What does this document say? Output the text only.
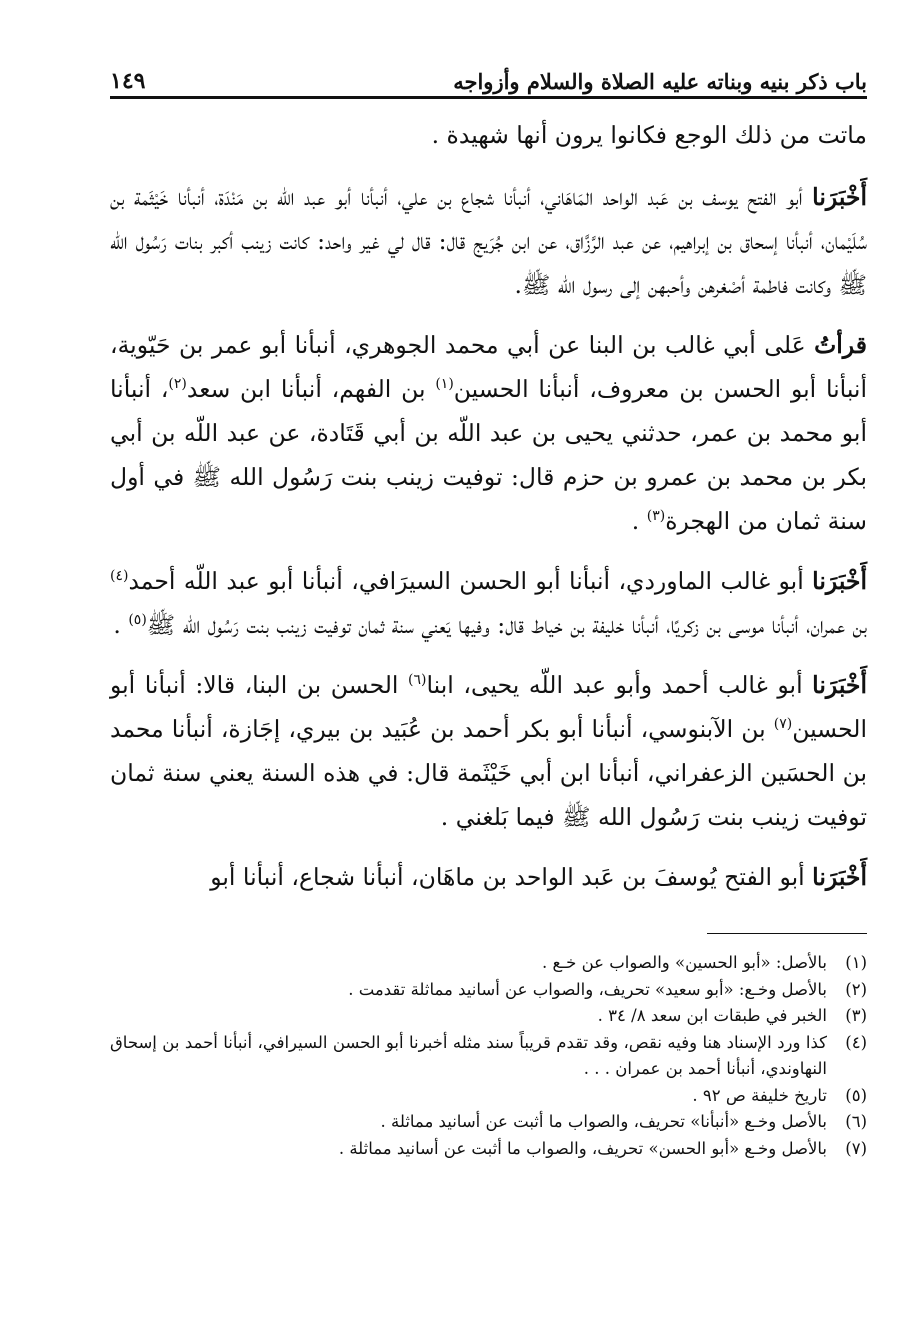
باب ذكر بنيه وبناته عليه الصلاة والسلام وأزواجه
١٤٩

ماتت من ذلك الوجع فكانوا يرون أنها شهيدة .

أَخْبَرَنا أبو الفتح يوسف بن عَبد الواحد المَاهَاني، أنبأنا شجاع بن علي، أنبأنا أبو عبد اللّه بن مَنْدَة، أنبأنا خَيْثَمة بن سُلَيْمان، أنبأنا إسحاق بن إبراهيم، عن عبد الرَّزَّاق، عن ابن جُرَيج قال: قال لي غير واحد: كانت زينب أكبر بنات رَسُول الله ﷺ وكانت فاطمة أصْغرهن وأحبهن إلى رسول الله ﷺ.

قرأتُ عَلى أبي غالب بن البنا عن أبي محمد الجوهري، أنبأنا أبو عمر بن حَيّوية، أنبأنا أبو الحسن بن معروف، أنبأنا الحسين$^{(١)}$ بن الفهم، أنبأنا ابن سعد$^{(٢)}$، أنبأنا أبو محمد بن عمر، حدثني يحيى بن عبد اللّه بن أبي قَتَادة، عن عبد اللّه بن أبي بكر بن محمد بن عمرو بن حزم قال: توفيت زينب بنت رَسُول الله ﷺ في أول سنة ثمان من الهجرة$^{(٣)}$ .

أَخْبَرَنا أبو غالب الماوردي، أنبأنا أبو الحسن السيرَافي، أنبأنا أبو عبد اللّه أحمد$^{(٤)}$ بن عمران، أنبأنا موسى بن زكريًا، أنبأنا خليفة بن خياط قال: وفيها يَعني سنة ثمان توفيت زينب بنت رَسُول الله ﷺ$^{(٥)}$ .

أَخْبَرَنا أبو غالب أحمد وأبو عبد اللّه يحيى، ابنا$^{(٦)}$ الحسن بن البنا، قالا: أنبأنا أبو الحسين$^{(٧)}$ بن الآبنوسي، أنبأنا أبو بكر أحمد بن عُبَيد بن بيري، إجَازة، أنبأنا محمد بن الحسَين الزعفراني، أنبأنا ابن أبي خَيْثَمة قال: في هذه السنة يعني سنة ثمان توفيت زينب بنت رَسُول الله ﷺ فيما بَلغني .

أَخْبَرَنا أبو الفتح يُوسفَ بن عَبد الواحد بن ماهَان، أنبأنا شجاع، أنبأنا أبو

(١)
بالأصل: «أبو الحسين» والصواب عن خـع .
(٢)
بالأصل وخـع: «أبو سعيد» تحريف، والصواب عن أسانيد مماثلة تقدمت .
(٣)
الخبر في طبقات ابن سعد ٨/ ٣٤ .
(٤)
كذا ورد الإسناد هنا وفيه نقص، وقد تقدم قريباً سند مثله أخبرنا أبو الحسن السيرافي، أنبأنا أحمد بن إسحاق النهاوندي، أنبأنا أحمد بن عمران . . .
(٥)
تاريخ خليفة ص ٩٢ .
(٦)
بالأصل وخـع «أنبأنا» تحريف، والصواب ما أثبت عن أسانيد مماثلة .
(٧)
بالأصل وخـع «أبو الحسن» تحريف، والصواب ما أثبت عن أسانيد مماثلة .
